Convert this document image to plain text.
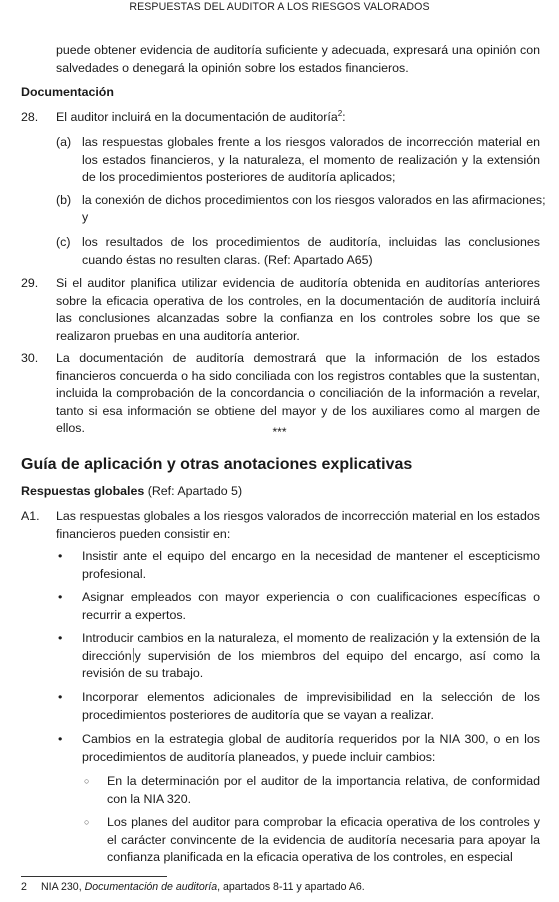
RESPUESTAS DEL AUDITOR A LOS RIESGOS VALORADOS
puede obtener evidencia de auditoría suficiente y adecuada, expresará una opinión con salvedades o denegará la opinión sobre los estados financieros.
Documentación
28. El auditor incluirá en la documentación de auditoría$^2$:
(a) las respuestas globales frente a los riesgos valorados de incorrección material en los estados financieros, y la naturaleza, el momento de realización y la extensión de los procedimientos posteriores de auditoría aplicados;
(b) la conexión de dichos procedimientos con los riesgos valorados en las afirmaciones;
y
(c) los resultados de los procedimientos de auditoría, incluidas las conclusiones cuando éstas no resulten claras. (Ref: Apartado A65)
29. Si el auditor planifica utilizar evidencia de auditoría obtenida en auditorías anteriores sobre la eficacia operativa de los controles, en la documentación de auditoría incluirá las conclusiones alcanzadas sobre la confianza en los controles sobre los que se realizaron pruebas en una auditoría anterior.
30. La documentación de auditoría demostrará que la información de los estados financieros concuerda o ha sido conciliada con los registros contables que la sustentan, incluida la comprobación de la concordancia o conciliación de la información a revelar, tanto si esa información se obtiene del mayor y de los auxiliares como al margen de ellos.	***
Guía de aplicación y otras anotaciones explicativas
Respuestas globales (Ref: Apartado 5)
A1. Las respuestas globales a los riesgos valorados de incorrección material en los estados financieros pueden consistir en:
• Insistir ante el equipo del encargo en la necesidad de mantener el escepticismo profesional.
• Asignar empleados con mayor experiencia o con cualificaciones específicas o recurrir a expertos.
• Introducir cambios en la naturaleza, el momento de realización y la extensión de la dirección y supervisión de los miembros del equipo del encargo, así como la revisión de su trabajo.
• Incorporar elementos adicionales de imprevisibilidad en la selección de los procedimientos posteriores de auditoría que se vayan a realizar.
• Cambios en la estrategia global de auditoría requeridos por la NIA 300, o en los procedimientos de auditoría planeados, y puede incluir cambios:
○ En la determinación por el auditor de la importancia relativa, de conformidad con la NIA 320.
○ Los planes del auditor para comprobar la eficacia operativa de los controles y el carácter convincente de la evidencia de auditoría necesaria para apoyar la confianza planificada en la eficacia operativa de los controles, en especial
2 NIA 230, Documentación de auditoría, apartados 8-11 y apartado A6.
